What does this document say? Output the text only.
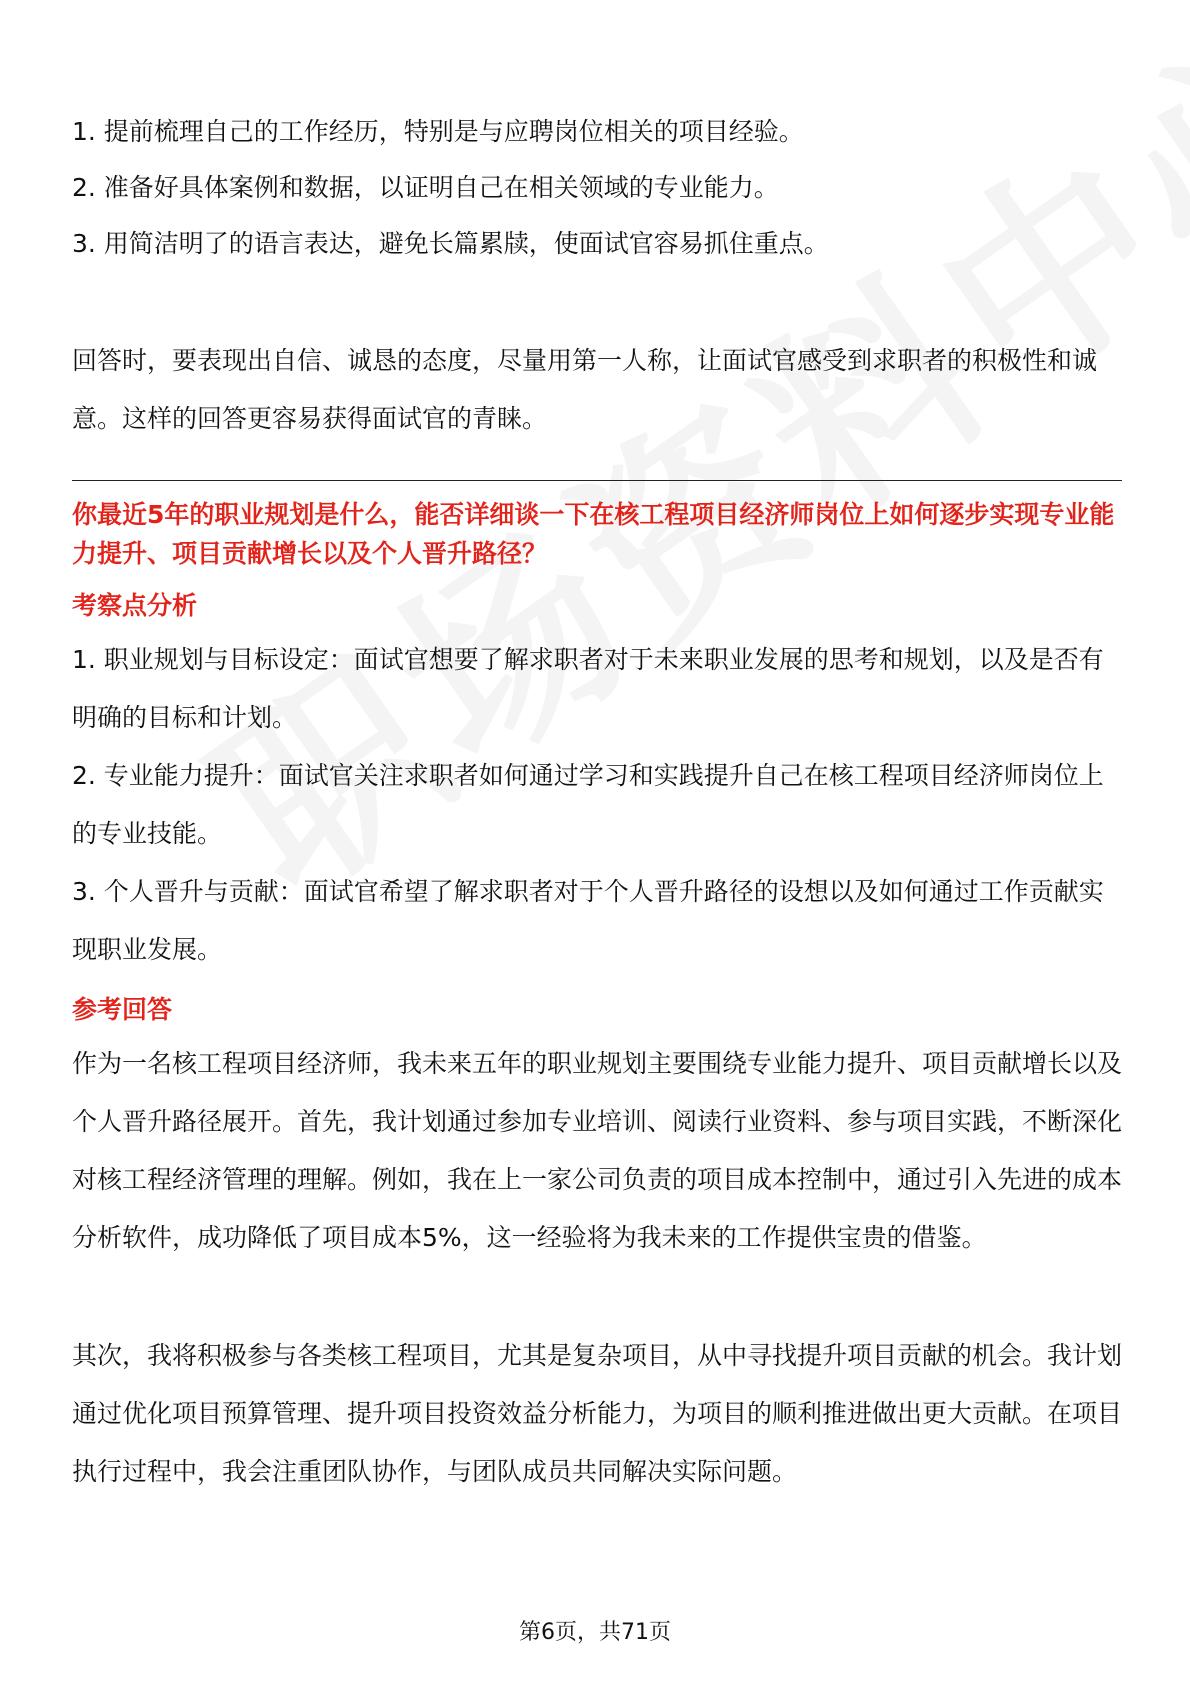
1. 提前梳理自己的工作经历，特别是与应聘岗位相关的项目经验。

2. 准备好具体案例和数据，以证明自己在相关领域的专业能力。

3. 用简洁明了的语言表达，避免长篇累牍，使面试官容易抓住重点。

回答时，要表现出自信、诚恳的态度，尽量用第一人称，让面试官感受到求职者的积极性和诚意。这样的回答更容易获得面试官的青睐。

你最近5年的职业规划是什么，能否详细谈一下在核工程项目经济师岗位上如何逐步实现专业能力提升、项目贡献增长以及个人晋升路径？

考察点分析

1. 职业规划与目标设定：面试官想要了解求职者对于未来职业发展的思考和规划，以及是否有明确的目标和计划。

2. 专业能力提升：面试官关注求职者如何通过学习和实践提升自己在核工程项目经济师岗位上的专业技能。

3. 个人晋升与贡献：面试官希望了解求职者对于个人晋升路径的设想以及如何通过工作贡献实现职业发展。

参考回答

作为一名核工程项目经济师，我未来五年的职业规划主要围绕专业能力提升、项目贡献增长以及个人晋升路径展开。首先，我计划通过参加专业培训、阅读行业资料、参与项目实践，不断深化对核工程经济管理的理解。例如，我在上一家公司负责的项目成本控制中，通过引入先进的成本分析软件，成功降低了项目成本5%，这一经验将为我未来的工作提供宝贵的借鉴。

其次，我将积极参与各类核工程项目，尤其是复杂项目，从中寻找提升项目贡献的机会。我计划通过优化项目预算管理、提升项目投资效益分析能力，为项目的顺利推进做出更大贡献。在项目执行过程中，我会注重团队协作，与团队成员共同解决实际问题。

第6页，共71页
